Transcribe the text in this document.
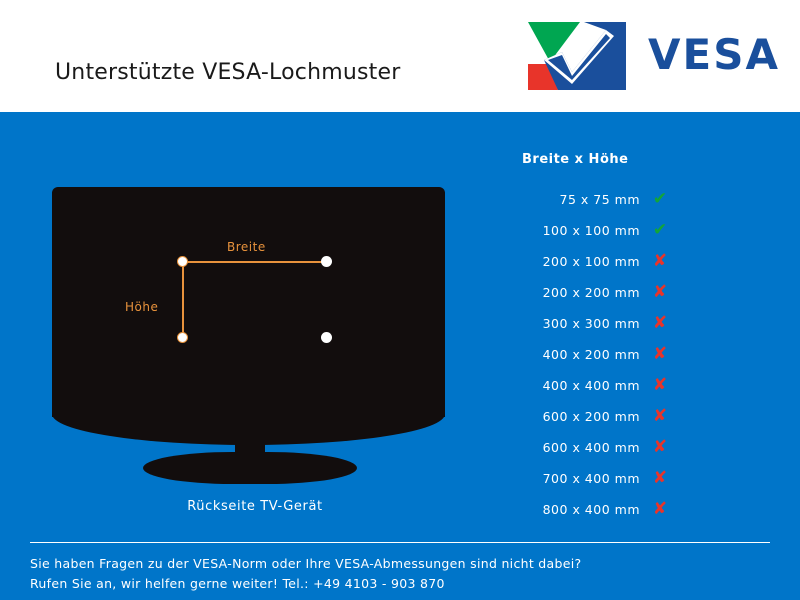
Unterstützte VESA-Lochmuster	VESA
Breite
Höhe
Rückseite TV-Gerät
Breite x Höhe
75 x 75 mm ✔
100 x 100 mm ✔
200 x 100 mm ✘
200 x 200 mm ✘
300 x 300 mm ✘
400 x 200 mm ✘
400 x 400 mm ✘
600 x 200 mm ✘
600 x 400 mm ✘
700 x 400 mm ✘
800 x 400 mm ✘
Sie haben Fragen zu der VESA-Norm oder Ihre VESA-Abmessungen sind nicht dabei?
Rufen Sie an, wir helfen gerne weiter! Tel.: +49 4103 - 903 870
